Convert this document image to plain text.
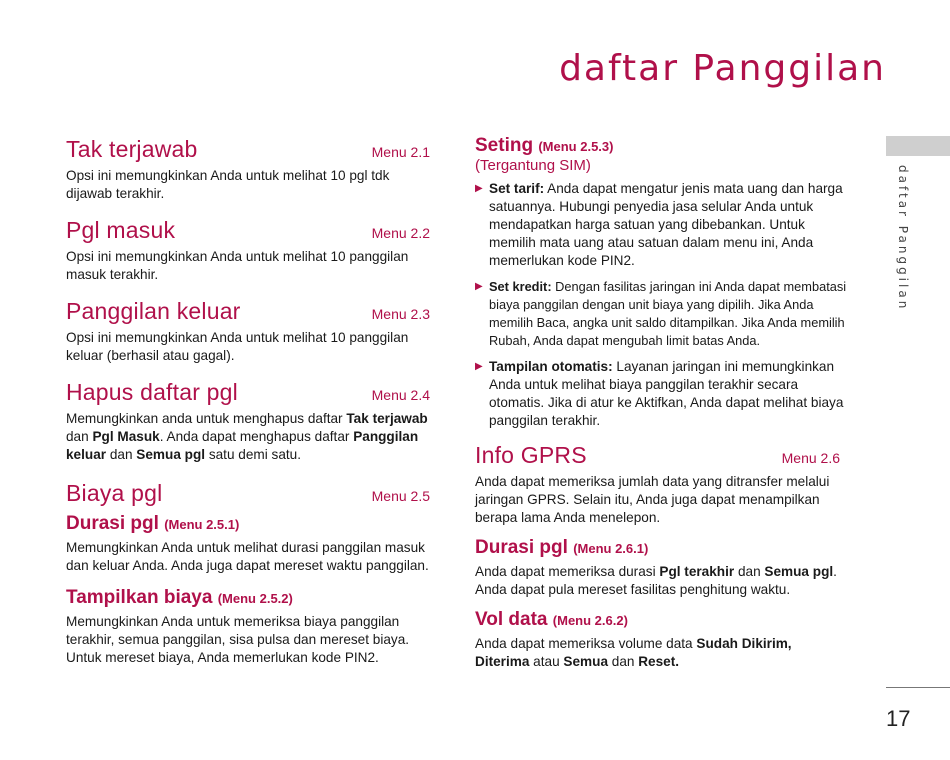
daftar Panggilan
daftar Panggilan
17
Tak terjawab	Menu 2.1

Opsi ini memungkinkan Anda untuk melihat 10 pgl tdk dijawab terakhir.

Pgl masuk	Menu 2.2

Opsi ini memungkinkan Anda untuk melihat 10 panggilan masuk terakhir.

Panggilan keluar	Menu 2.3

Opsi ini memungkinkan Anda untuk melihat 10 panggilan keluar (berhasil atau gagal).

Hapus daftar pgl	Menu 2.4

Memungkinkan anda untuk menghapus daftar Tak terjawab dan Pgl Masuk. Anda dapat menghapus daftar Panggilan keluar dan Semua pgl satu demi satu.

Biaya pgl	Menu 2.5
Durasi pgl (Menu 2.5.1)

Memungkinkan Anda untuk melihat durasi panggilan masuk dan keluar Anda. Anda juga dapat mereset waktu panggilan.

Tampilkan biaya (Menu 2.5.2)

Memungkinkan Anda untuk memeriksa biaya panggilan terakhir, semua panggilan, sisa pulsa dan mereset biaya. Untuk mereset biaya, Anda memerlukan kode PIN2.

Seting (Menu 2.5.3)
(Tergantung SIM)
▶ Set tarif: Anda dapat mengatur jenis mata uang dan harga satuannya. Hubungi penyedia jasa selular Anda untuk mendapatkan harga satuan yang dibebankan. Untuk memilih mata uang atau satuan dalam menu ini, Anda memerlukan kode PIN2.

▶ Set kredit: Dengan fasilitas jaringan ini Anda dapat membatasi biaya panggilan dengan unit biaya yang dipilih. Jika Anda memilih Baca, angka unit saldo ditampilkan. Jika Anda memilih Rubah, Anda dapat mengubah limit batas Anda.

▶ Tampilan otomatis: Layanan jaringan ini memungkinkan Anda untuk melihat biaya panggilan terakhir secara otomatis. Jika di atur ke Aktifkan, Anda dapat melihat biaya panggilan terakhir.

Info GPRS	Menu 2.6

Anda dapat memeriksa jumlah data yang ditransfer melalui jaringan GPRS. Selain itu, Anda juga dapat menampilkan berapa lama Anda menelepon.

Durasi pgl (Menu 2.6.1)

Anda dapat memeriksa durasi Pgl terakhir dan Semua pgl. Anda dapat pula mereset fasilitas penghitung waktu.

Vol data (Menu 2.6.2)

Anda dapat memeriksa volume data Sudah Dikirim, Diterima atau Semua dan Reset.
